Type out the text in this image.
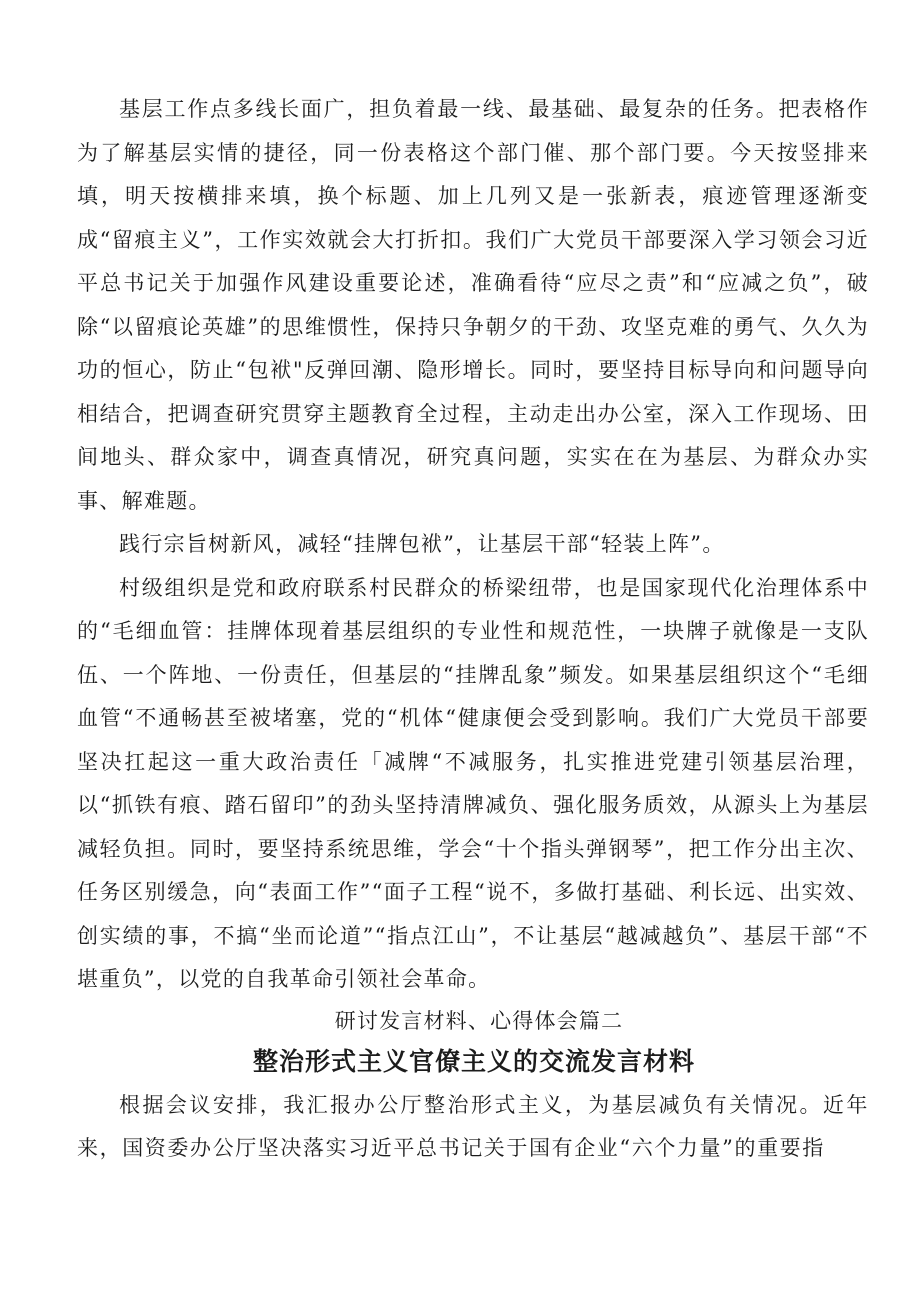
基层工作点多线长面广，担负着最一线、最基础、最复杂的任务。把表格作为了解基层实情的捷径，同一份表格这个部门催、那个部门要。今天按竖排来填，明天按横排来填，换个标题、加上几列又是一张新表，痕迹管理逐渐变成“留痕主义”，工作实效就会大打折扣。我们广大党员干部要深入学习领会习近平总书记关于加强作风建设重要论述，准确看待“应尽之责”和“应减之负”，破除“以留痕论英雄”的思维惯性，保持只争朝夕的干劲、攻坚克难的勇气、久久为功的恒心，防止“包袱"反弹回潮、隐形增长。同时，要坚持目标导向和问题导向相结合，把调查研究贯穿主题教育全过程，主动走出办公室，深入工作现场、田间地头、群众家中，调查真情况，研究真问题，实实在在为基层、为群众办实事、解难题。

践行宗旨树新风，减轻“挂牌包袱”，让基层干部“轻装上阵”。

村级组织是党和政府联系村民群众的桥梁纽带，也是国家现代化治理体系中的“毛细血管：挂牌体现着基层组织的专业性和规范性，一块牌子就像是一支队伍、一个阵地、一份责任，但基层的“挂牌乱象”频发。如果基层组织这个“毛细血管“不通畅甚至被堵塞，党的“机体“健康便会受到影响。我们广大党员干部要坚决扛起这一重大政治责任「减牌“不减服务，扎实推进党建引领基层治理，以“抓铁有痕、踏石留印”的劲头坚持清牌减负、强化服务质效，从源头上为基层减轻负担。同时，要坚持系统思维，学会“十个指头弹钢琴”，把工作分出主次、任务区别缓急，向“表面工作”“面子工程“说不，多做打基础、利长远、出实效、创实绩的事，不搞“坐而论道”“指点江山”，不让基层“越减越负”、基层干部“不堪重负”，以党的自我革命引领社会革命。

研讨发言材料、心得体会篇二

整治形式主义官僚主义的交流发言材料

根据会议安排，我汇报办公厅整治形式主义，为基层减负有关情况。近年来，国资委办公厅坚决落实习近平总书记关于国有企业“六个力量”的重要指
